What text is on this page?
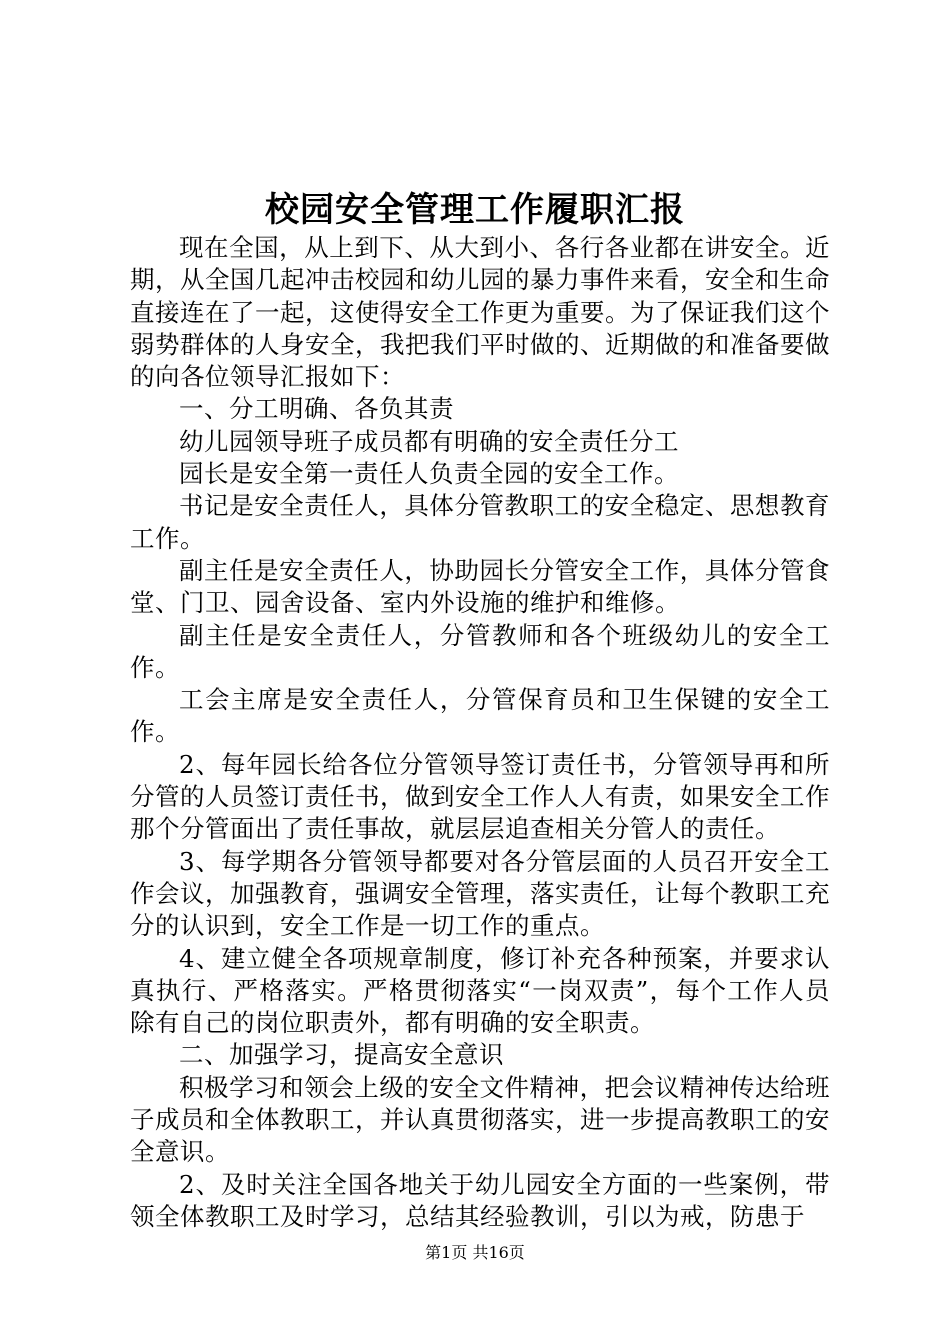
校园安全管理工作履职汇报

现在全国，从上到下、从大到小、各行各业都在讲安全。近期，从全国几起冲击校园和幼儿园的暴力事件来看，安全和生命直接连在了一起，这使得安全工作更为重要。为了保证我们这个弱势群体的人身安全，我把我们平时做的、近期做的和准备要做的向各位领导汇报如下：

一、分工明确、各负其责

幼儿园领导班子成员都有明确的安全责任分工

园长是安全第一责任人负责全园的安全工作。

书记是安全责任人，具体分管教职工的安全稳定、思想教育工作。

副主任是安全责任人，协助园长分管安全工作，具体分管食堂、门卫、园舍设备、室内外设施的维护和维修。

副主任是安全责任人，分管教师和各个班级幼儿的安全工作。

工会主席是安全责任人，分管保育员和卫生保键的安全工作。

2、每年园长给各位分管领导签订责任书，分管领导再和所分管的人员签订责任书，做到安全工作人人有责，如果安全工作那个分管面出了责任事故，就层层追查相关分管人的责任。

3、每学期各分管领导都要对各分管层面的人员召开安全工作会议，加强教育，强调安全管理，落实责任，让每个教职工充分的认识到，安全工作是一切工作的重点。

4、建立健全各项规章制度，修订补充各种预案，并要求认真执行、严格落实。严格贯彻落实“一岗双责”，每个工作人员除有自己的岗位职责外，都有明确的安全职责。

二、加强学习，提高安全意识

积极学习和领会上级的安全文件精神，把会议精神传达给班子成员和全体教职工，并认真贯彻落实，进一步提高教职工的安全意识。

2、及时关注全国各地关于幼儿园安全方面的一些案例，带领全体教职工及时学习，总结其经验教训，引以为戒，防患于

第1页 共16页
